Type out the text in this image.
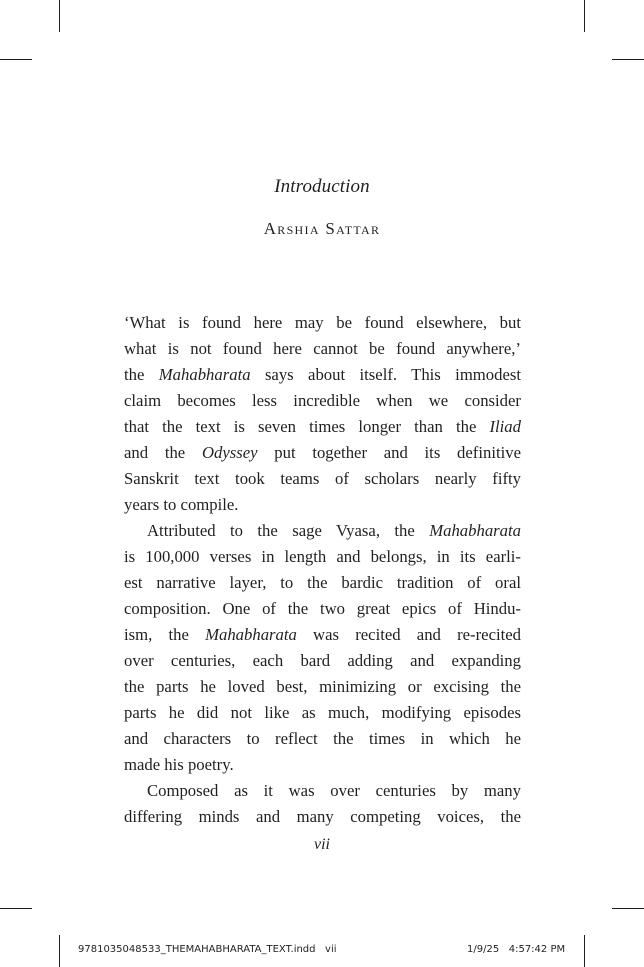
Introduction
Arshia Sattar

‘What is found here may be found elsewhere, but
what is not found here cannot be found anywhere,’
the Mahabharata says about itself. This immodest
claim becomes less incredible when we consider
that the text is seven times longer than the Iliad
and the Odyssey put together and its definitive
Sanskrit text took teams of scholars nearly fifty
years to compile.

Attributed to the sage Vyasa, the Mahabharata
is 100,000 verses in length and belongs, in its earli-
est narrative layer, to the bardic tradition of oral
composition. One of the two great epics of Hindu-
ism, the Mahabharata was recited and re-recited
over centuries, each bard adding and expanding
the parts he loved best, minimizing or excising the
parts he did not like as much, modifying episodes
and characters to reflect the times in which he
made his poetry.

Composed as it was over centuries by many
differing minds and many competing voices, the

vii
9781035048533_THEMAHABHARATA_TEXT.indd   vii	1/9/25   4:57:42 PM
